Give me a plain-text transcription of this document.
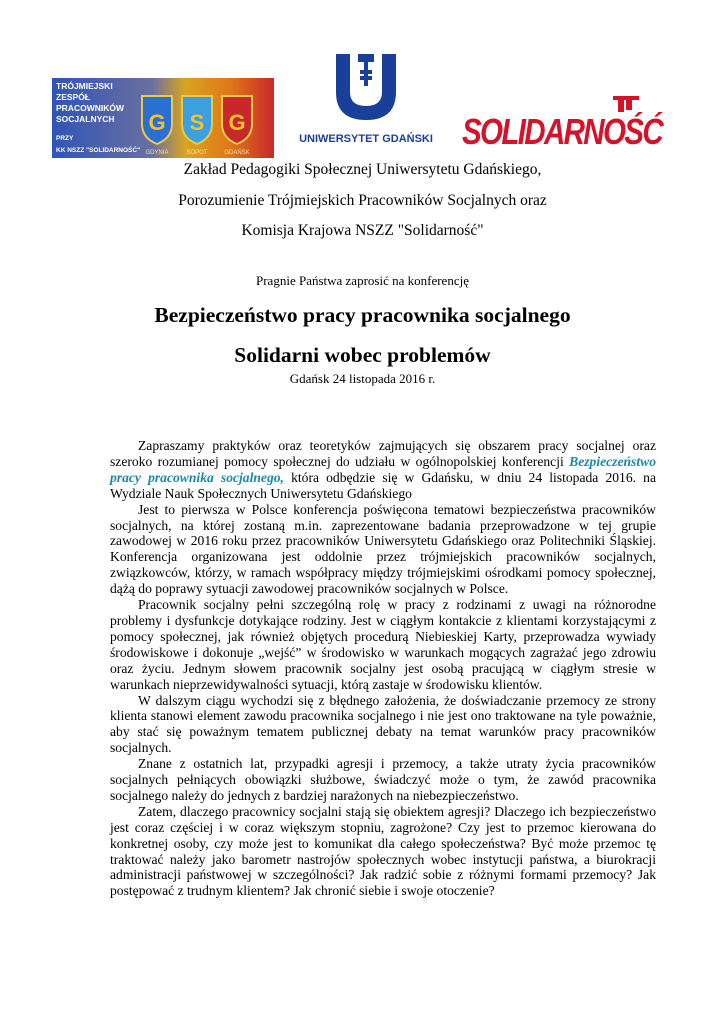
TRÓJMIEJSKI
ZESPÓŁ
PRACOWNIKÓW
SOCJALNYCH
PRZY
KK NSZZ "SOLIDARNOŚĆ"
G S G
GDYNIA	SOPOT	GDAŃSK
UNIWERSYTET GDAŃSKI SOLIDARNOŚĆ
Zakład Pedagogiki Społecznej Uniwersytetu Gdańskiego,
Porozumienie Trójmiejskich Pracowników Socjalnych oraz
Komisja Krajowa NSZZ "Solidarność"
Pragnie Państwa zaprosić na konferencję
Bezpieczeństwo pracy pracownika socjalnego
Solidarni wobec problemów
Gdańsk 24 listopada 2016 r.

Zapraszamy praktyków oraz teoretyków zajmujących się obszarem pracy socjalnej oraz szeroko rozumianej pomocy społecznej do udziału w ogólnopolskiej konferencji Bezpieczeństwo pracy pracownika socjalnego, która odbędzie się w Gdańsku, w dniu 24 listopada 2016. na Wydziale Nauk Społecznych Uniwersytetu Gdańskiego

Jest to pierwsza w Polsce konferencja poświęcona tematowi bezpieczeństwa pracowników socjalnych, na której zostaną m.in. zaprezentowane badania przeprowadzone w tej grupie zawodowej w 2016 roku przez pracowników Uniwersytetu Gdańskiego oraz Politechniki Śląskiej. Konferencja organizowana jest oddolnie przez trójmiejskich pracowników socjalnych, związkowców, którzy, w ramach współpracy między trójmiejskimi ośrodkami pomocy społecznej, dążą do poprawy sytuacji zawodowej pracowników socjalnych w Polsce.

Pracownik socjalny pełni szczególną rolę w pracy z rodzinami z uwagi na różnorodne problemy i dysfunkcje dotykające rodziny. Jest w ciągłym kontakcie z klientami korzystającymi z pomocy społecznej, jak również objętych procedurą Niebieskiej Karty, przeprowadza wywiady środowiskowe i dokonuje „wejść” w środowisko w warunkach mogących zagrażać jego zdrowiu oraz życiu. Jednym słowem pracownik socjalny jest osobą pracującą w ciągłym stresie w warunkach nieprzewidywalności sytuacji, którą zastaje w środowisku klientów.

W dalszym ciągu wychodzi się z błędnego założenia, że doświadczanie przemocy ze strony klienta stanowi element zawodu pracownika socjalnego i nie jest ono traktowane na tyle poważnie, aby stać się poważnym tematem publicznej debaty na temat warunków pracy pracowników socjalnych.

Znane z ostatnich lat, przypadki agresji i przemocy, a także utraty życia pracowników socjalnych pełniących obowiązki służbowe, świadczyć może o tym, że zawód pracownika socjalnego należy do jednych z bardziej narażonych na niebezpieczeństwo.

Zatem, dlaczego pracownicy socjalni stają się obiektem agresji? Dlaczego ich bezpieczeństwo jest coraz częściej i w coraz większym stopniu, zagrożone? Czy jest to przemoc kierowana do konkretnej osoby, czy może jest to komunikat dla całego społeczeństwa? Być może przemoc tę traktować należy jako barometr nastrojów społecznych wobec instytucji państwa, a biurokracji administracji państwowej w szczególności? Jak radzić sobie z różnymi formami przemocy? Jak postępować z trudnym klientem? Jak chronić siebie i swoje otoczenie?
